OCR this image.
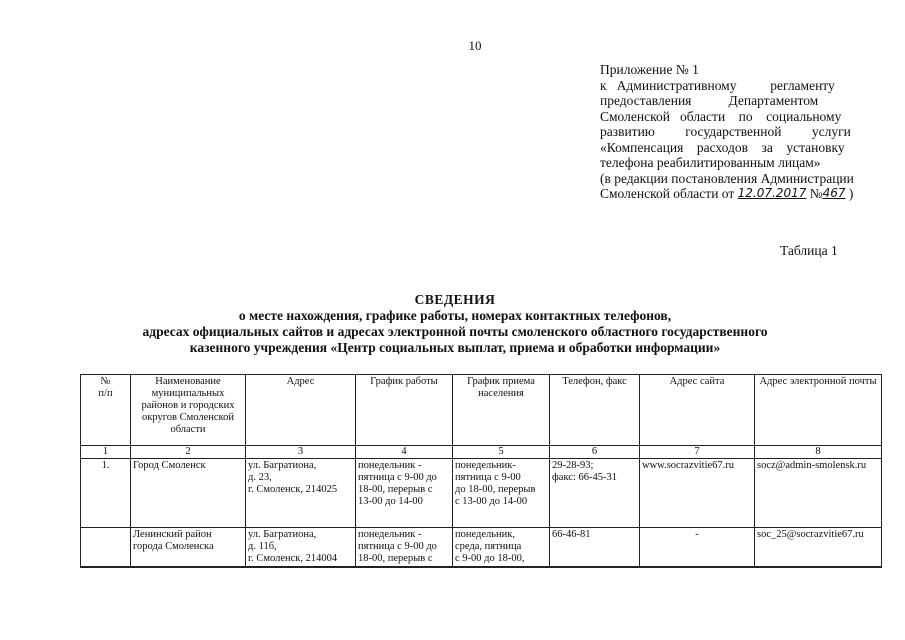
10
Приложение № 1
к   Административному          регламенту
предоставления           Департаментом
Смоленской   области    по    социальному
развитию         государственной         услуги
«Компенсация    расходов    за    установку
телефона реабилитированным лицам»
(в редакции постановления Администрации
Смоленской области от 12.07.2017 № 467 )
Таблица 1
СВЕДЕНИЯ
о месте нахождения, графике работы, номерах контактных телефонов,
адресах официальных сайтов и адресах электронной почты смоленского областного государственного
казенного учреждения «Центр социальных выплат, приема и обработки информации»
№
п/п	Наименование муниципальных районов и городских округов Смоленской области	Адрес	График работы	График приема населения	Телефон, факс	Адрес сайта	Адрес электронной почты
1	2	3	4	5	6	7	8
1.	Город Смоленск	ул. Багратиона,
д. 23,
г. Смоленск, 214025	понедельник -
пятница с 9-00 до
18-00, перерыв с
13-00 до 14-00	понедельник-
пятница с 9-00
до 18-00, перерыв
с 13-00 до 14-00	29-28-93;
факс: 66-45-31	www.socrazvitie67.ru	socz@admin-smolensk.ru
	Ленинский район
города Смоленска	ул. Багратиона,
д. 11б,
г. Смоленск, 214004	понедельник -
пятница с 9-00 до
18-00, перерыв с	понедельник,
среда, пятница
с 9-00 до 18-00,	66-46-81	-	soc_25@socrazvitie67.ru
